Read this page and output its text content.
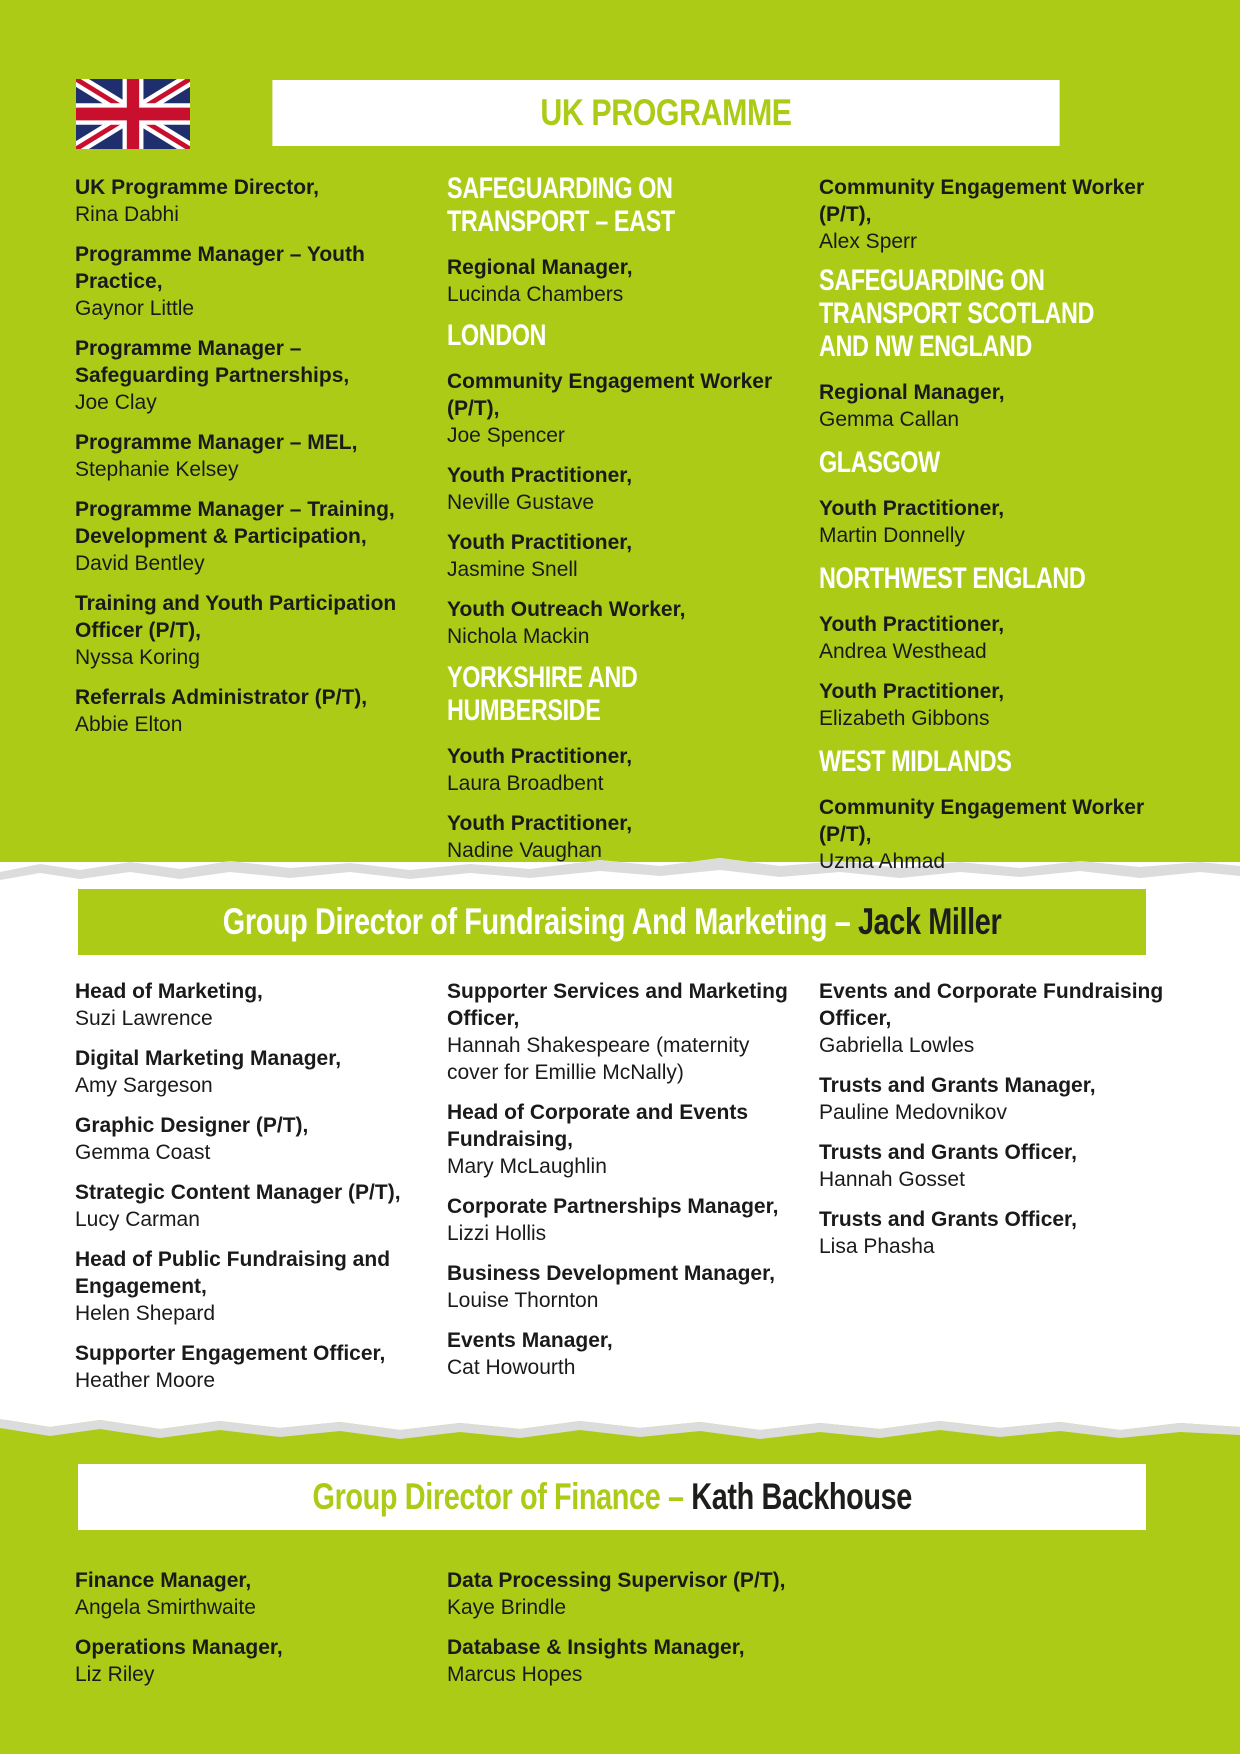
UK PROGRAMME
UK Programme Director,
Rina Dabhi
Programme Manager – Youth Practice,
Gaynor Little
Programme Manager – Safeguarding Partnerships,
Joe Clay
Programme Manager – MEL,
Stephanie Kelsey
Programme Manager – Training, Development & Participation,
David Bentley
Training and Youth Participation Officer (P/T),
Nyssa Koring
Referrals Administrator (P/T),
Abbie Elton
SAFEGUARDING ON TRANSPORT – EAST
Regional Manager,
Lucinda Chambers
LONDON
Community Engagement Worker (P/T),
Joe Spencer
Youth Practitioner,
Neville Gustave
Youth Practitioner,
Jasmine Snell
Youth Outreach Worker,
Nichola Mackin
YORKSHIRE AND HUMBERSIDE
Youth Practitioner,
Laura Broadbent
Youth Practitioner,
Nadine Vaughan
Community Engagement Worker (P/T),
Alex Sperr
SAFEGUARDING ON TRANSPORT SCOTLAND AND NW ENGLAND
Regional Manager,
Gemma Callan
GLASGOW
Youth Practitioner,
Martin Donnelly
NORTHWEST ENGLAND
Youth Practitioner,
Andrea Westhead
Youth Practitioner,
Elizabeth Gibbons
WEST MIDLANDS
Community Engagement Worker (P/T),
Uzma Ahmad
Group Director of Fundraising And Marketing – Jack Miller
Head of Marketing,
Suzi Lawrence
Digital Marketing Manager,
Amy Sargeson
Graphic Designer (P/T),
Gemma Coast
Strategic Content Manager (P/T),
Lucy Carman
Head of Public Fundraising and Engagement,
Helen Shepard
Supporter Engagement Officer,
Heather Moore
Supporter Services and Marketing Officer,
Hannah Shakespeare (maternity cover for Emillie McNally)
Head of Corporate and Events Fundraising,
Mary McLaughlin
Corporate Partnerships Manager,
Lizzi Hollis
Business Development Manager,
Louise Thornton
Events Manager,
Cat Howourth
Events and Corporate Fundraising Officer,
Gabriella Lowles
Trusts and Grants Manager,
Pauline Medovnikov
Trusts and Grants Officer,
Hannah Gosset
Trusts and Grants Officer,
Lisa Phasha
Group Director of Finance – Kath Backhouse
Finance Manager,
Angela Smirthwaite
Operations Manager,
Liz Riley
Data Processing Supervisor (P/T),
Kaye Brindle
Database & Insights Manager,
Marcus Hopes
